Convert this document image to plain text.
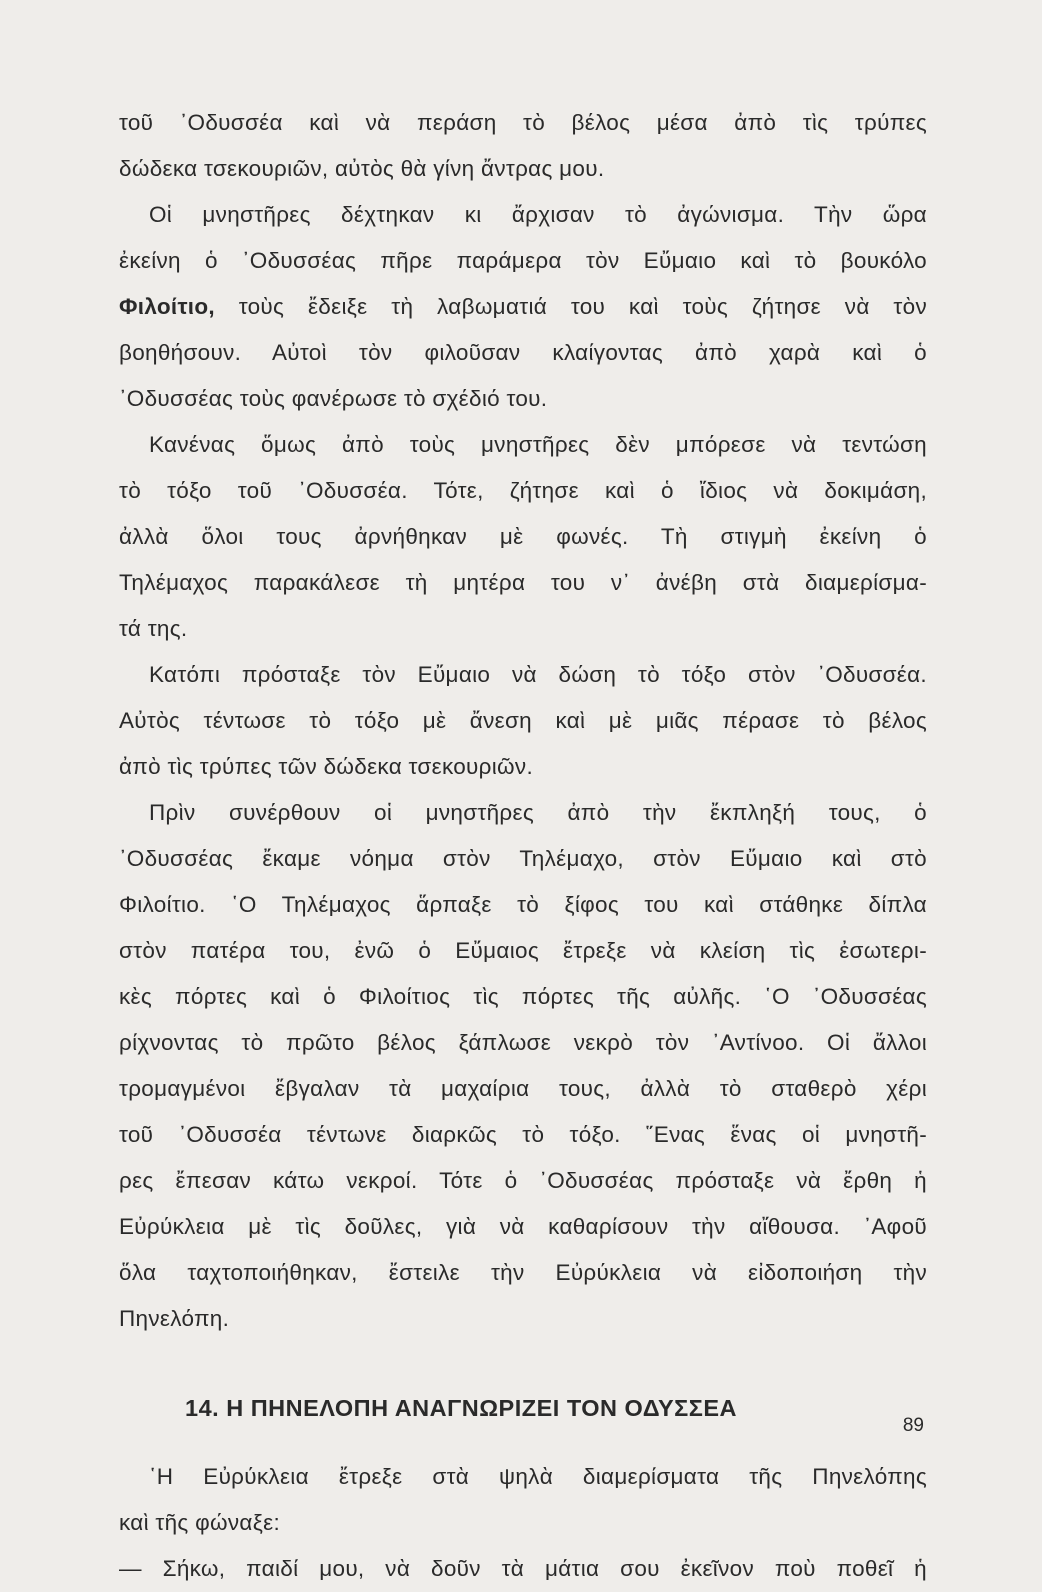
τοῦ ᾽Οδυσσέα καὶ νὰ περάση τὸ βέλος μέσα ἀπὸ τὶς τρύπες
δώδεκα τσεκουριῶν, αὐτὸς θὰ γίνη ἄντρας μου.
Οἱ μνηστῆρες δέχτηκαν κι ἄρχισαν τὸ ἀγώνισμα. Τὴν ὥρα
ἐκείνη ὁ ᾽Οδυσσέας πῆρε παράμερα τὸν Εὔμαιο καὶ τὸ βουκόλο
Φιλοίτιο, τοὺς ἔδειξε τὴ λαβωματιά του καὶ τοὺς ζήτησε νὰ τὸν
βοηθήσουν. Αὐτοὶ τὸν φιλοῦσαν κλαίγοντας ἀπὸ χαρὰ καὶ ὁ
᾽Οδυσσέας τοὺς φανέρωσε τὸ σχέδιό του.
Κανένας ὅμως ἀπὸ τοὺς μνηστῆρες δὲν μπόρεσε νὰ τεντώση
τὸ τόξο τοῦ ᾽Οδυσσέα. Τότε, ζήτησε καὶ ὁ ἴδιος νὰ δοκιμάση,
ἀλλὰ ὅλοι τους ἀρνήθηκαν μὲ φωνές. Τὴ στιγμὴ ἐκείνη ὁ
Τηλέμαχος παρακάλεσε τὴ μητέρα του ν᾽ ἀνέβη στὰ διαμερίσμα-
τά της.
Κατόπι πρόσταξε τὸν Εὔμαιο νὰ δώση τὸ τόξο στὸν ᾽Οδυσσέα.
Αὐτὸς τέντωσε τὸ τόξο μὲ ἄνεση καὶ μὲ μιᾶς πέρασε τὸ βέλος
ἀπὸ τὶς τρύπες τῶν δώδεκα τσεκουριῶν.
Πρὶν συνέρθουν οἱ μνηστῆρες ἀπὸ τὴν ἔκπληξή τους, ὁ
᾽Οδυσσέας ἔκαμε νόημα στὸν Τηλέμαχο, στὸν Εὔμαιο καὶ στὸ
Φιλοίτιο. ῾Ο Τηλέμαχος ἅρπαξε τὸ ξίφος του καὶ στάθηκε δίπλα
στὸν πατέρα του, ἐνῶ ὁ Εὔμαιος ἔτρεξε νὰ κλείση τὶς ἐσωτερι-
κὲς πόρτες καὶ ὁ Φιλοίτιος τὶς πόρτες τῆς αὐλῆς. ῾Ο ᾽Οδυσσέας
ρίχνοντας τὸ πρῶτο βέλος ξάπλωσε νεκρὸ τὸν ᾽Αντίνοο. Οἱ ἄλλοι
τρομαγμένοι ἔβγαλαν τὰ μαχαίρια τους, ἀλλὰ τὸ σταθερὸ χέρι
τοῦ ᾽Οδυσσέα τέντωνε διαρκῶς τὸ τόξο. ῞Ενας ἕνας οἱ μνηστῆ-
ρες ἔπεσαν κάτω νεκροί. Τότε ὁ ᾽Οδυσσέας πρόσταξε νὰ ἔρθη ἡ
Εὐρύκλεια μὲ τὶς δοῦλες, γιὰ νὰ καθαρίσουν τὴν αἴθουσα. ᾽Αφοῦ
ὅλα ταχτοποιήθηκαν, ἔστειλε τὴν Εὐρύκλεια νὰ εἰδοποιήση τὴν
Πηνελόπη.
14. Η ΠΗΝΕΛΟΠΗ ΑΝΑΓΝΩΡΙΖΕΙ ΤΟΝ ΟΔΥΣΣΕΑ
῾Η Εὐρύκλεια ἔτρεξε στὰ ψηλὰ διαμερίσματα τῆς Πηνελόπης
καὶ τῆς φώναξε:
— Σήκω, παιδί μου, νὰ δοῦν τὰ μάτια σου ἐκεῖνον ποὺ ποθεῖ ἡ
89
